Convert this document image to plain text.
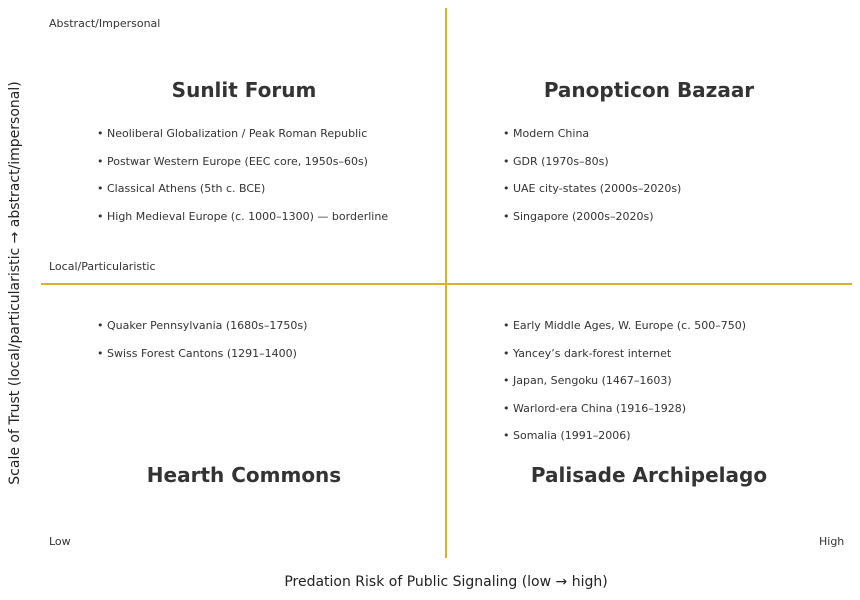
Abstract/Impersonal
Local/Particularistic
Low	High
Sunlit Forum	Panopticon Bazaar
Hearth Commons	Palisade Archipelago
• Neoliberal Globalization / Peak Roman Republic
• Postwar Western Europe (EEC core, 1950s–60s)
• Classical Athens (5th c. BCE)
• High Medieval Europe (c. 1000–1300) — borderline
• Modern China
• GDR (1970s–80s)
• UAE city-states (2000s–2020s)
• Singapore (2000s–2020s)
• Quaker Pennsylvania (1680s–1750s)
• Swiss Forest Cantons (1291–1400)
• Early Middle Ages, W. Europe (c. 500–750)
• Yancey’s dark-forest internet
• Japan, Sengoku (1467–1603)
• Warlord-era China (1916–1928)
• Somalia (1991–2006)
Predation Risk of Public Signaling (low → high)
Scale of Trust (local/particularistic → abstract/impersonal)
